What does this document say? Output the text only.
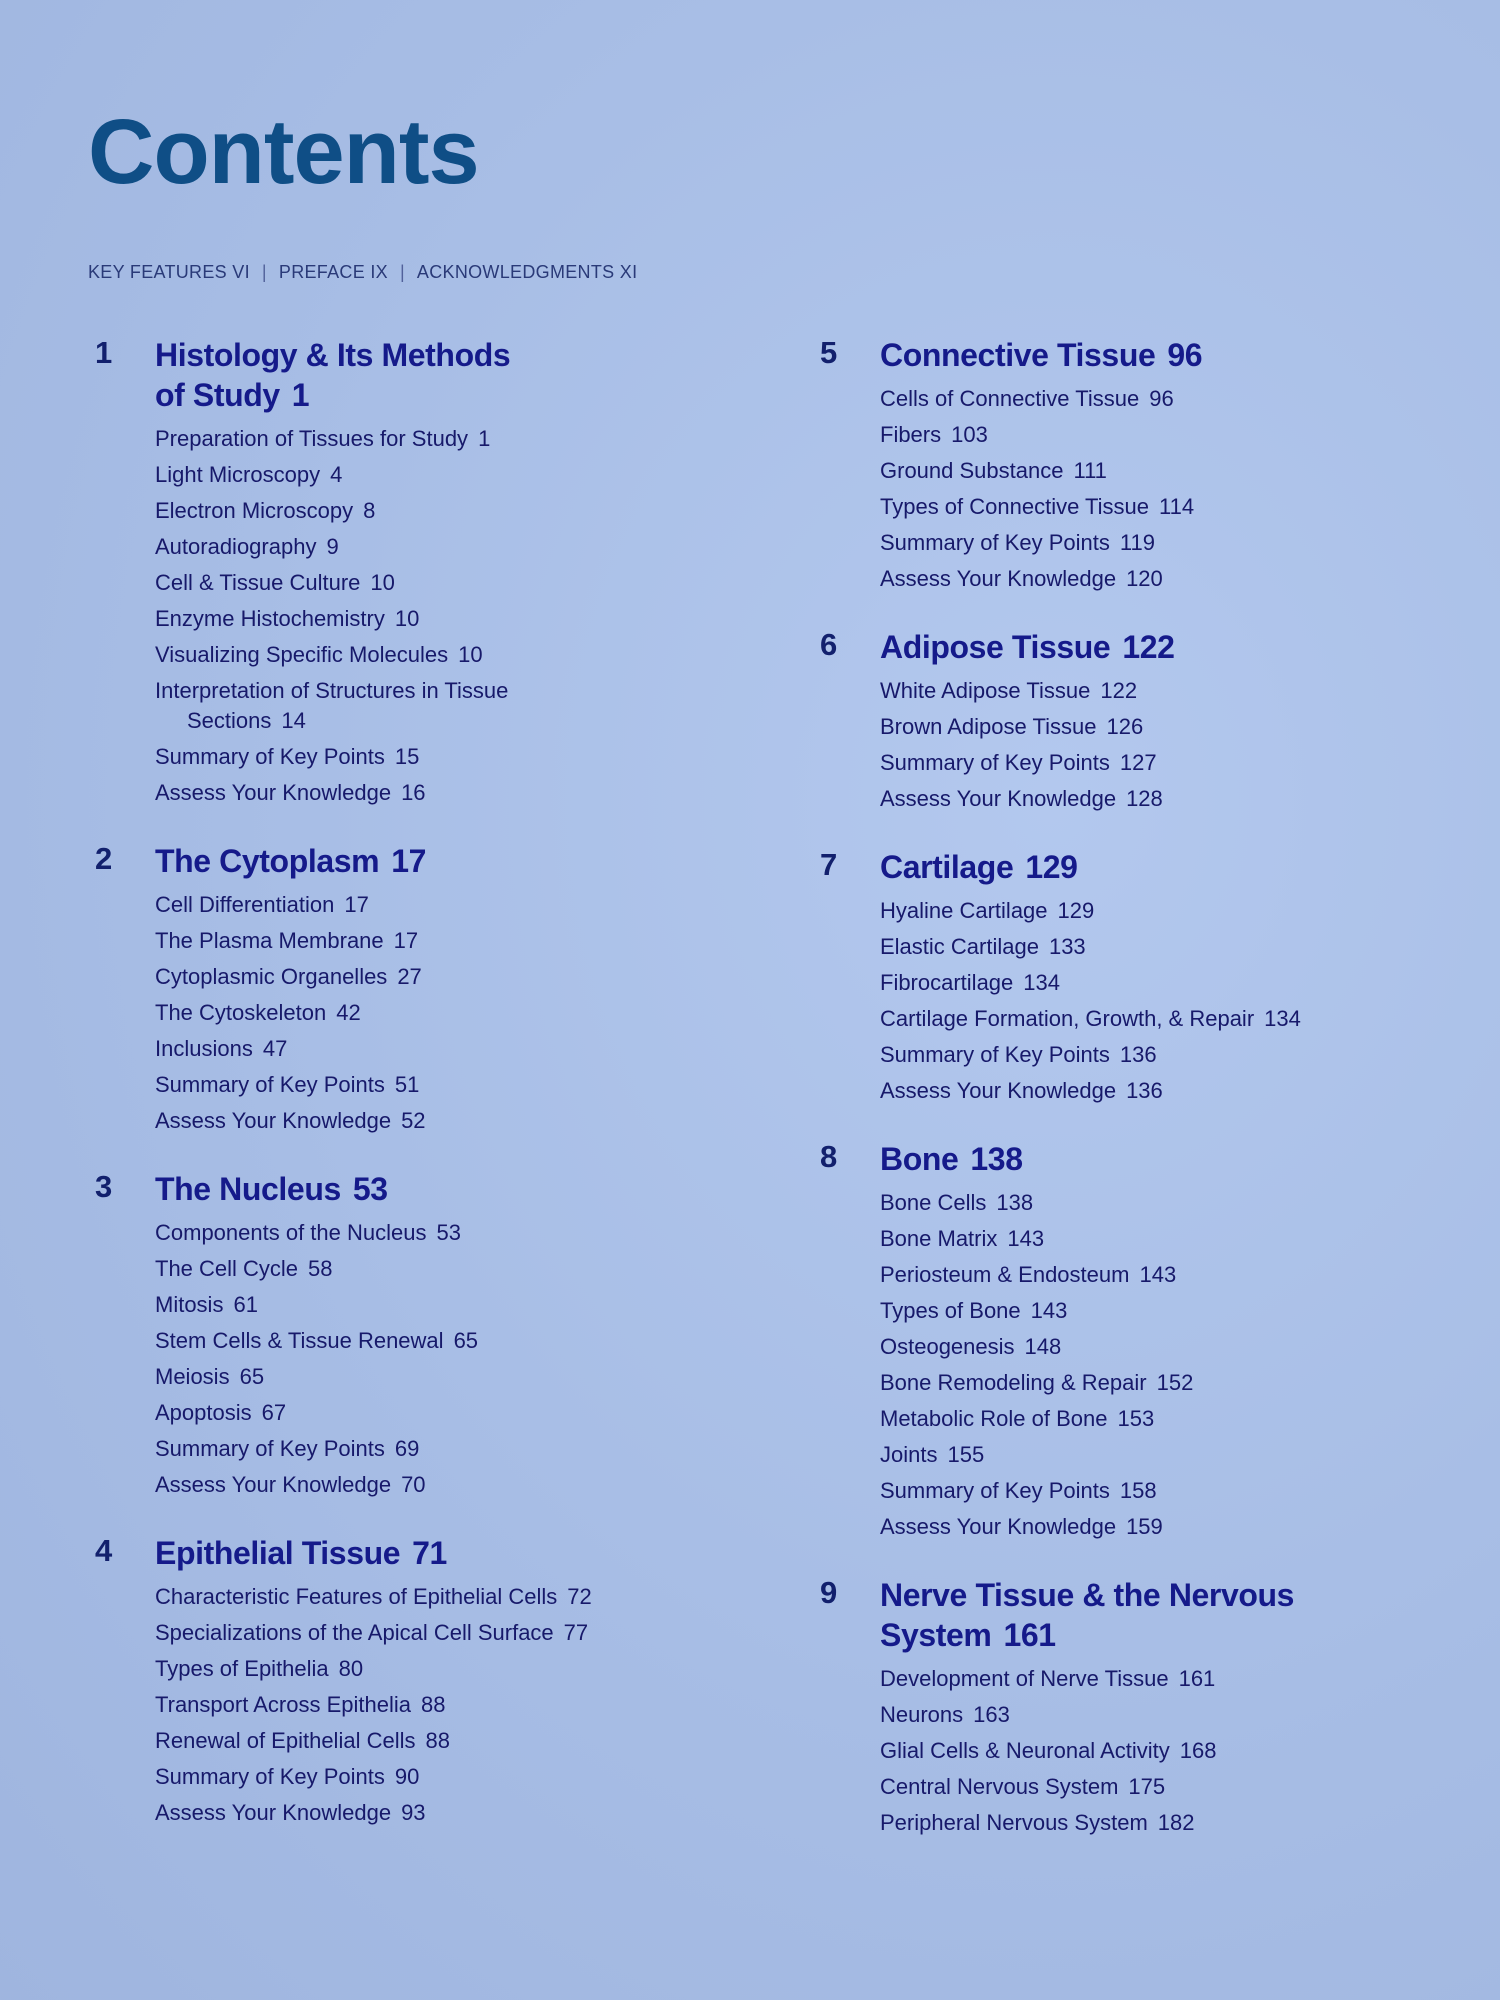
Contents
KEY FEATURES VI | PREFACE IX | ACKNOWLEDGMENTS XI
1 Histology & Its Methods
of Study 1
Preparation of Tissues for Study 1
Light Microscopy 4
Electron Microscopy 8
Autoradiography 9
Cell & Tissue Culture 10
Enzyme Histochemistry 10
Visualizing Specific Molecules 10
Interpretation of Structures in Tissue
Sections 14
Summary of Key Points 15
Assess Your Knowledge 16
2 The Cytoplasm 17
Cell Differentiation 17
The Plasma Membrane 17
Cytoplasmic Organelles 27
The Cytoskeleton 42
Inclusions 47
Summary of Key Points 51
Assess Your Knowledge 52
3 The Nucleus 53
Components of the Nucleus 53
The Cell Cycle 58
Mitosis 61
Stem Cells & Tissue Renewal 65
Meiosis 65
Apoptosis 67
Summary of Key Points 69
Assess Your Knowledge 70
4 Epithelial Tissue 71
Characteristic Features of Epithelial Cells 72
Specializations of the Apical Cell Surface 77
Types of Epithelia 80
Transport Across Epithelia 88
Renewal of Epithelial Cells 88
Summary of Key Points 90
Assess Your Knowledge 93
5 Connective Tissue 96
Cells of Connective Tissue 96
Fibers 103
Ground Substance 111
Types of Connective Tissue 114
Summary of Key Points 119
Assess Your Knowledge 120
6 Adipose Tissue 122
White Adipose Tissue 122
Brown Adipose Tissue 126
Summary of Key Points 127
Assess Your Knowledge 128
7 Cartilage 129
Hyaline Cartilage 129
Elastic Cartilage 133
Fibrocartilage 134
Cartilage Formation, Growth, & Repair 134
Summary of Key Points 136
Assess Your Knowledge 136
8 Bone 138
Bone Cells 138
Bone Matrix 143
Periosteum & Endosteum 143
Types of Bone 143
Osteogenesis 148
Bone Remodeling & Repair 152
Metabolic Role of Bone 153
Joints 155
Summary of Key Points 158
Assess Your Knowledge 159
9 Nerve Tissue & the Nervous
System 161
Development of Nerve Tissue 161
Neurons 163
Glial Cells & Neuronal Activity 168
Central Nervous System 175
Peripheral Nervous System 182
